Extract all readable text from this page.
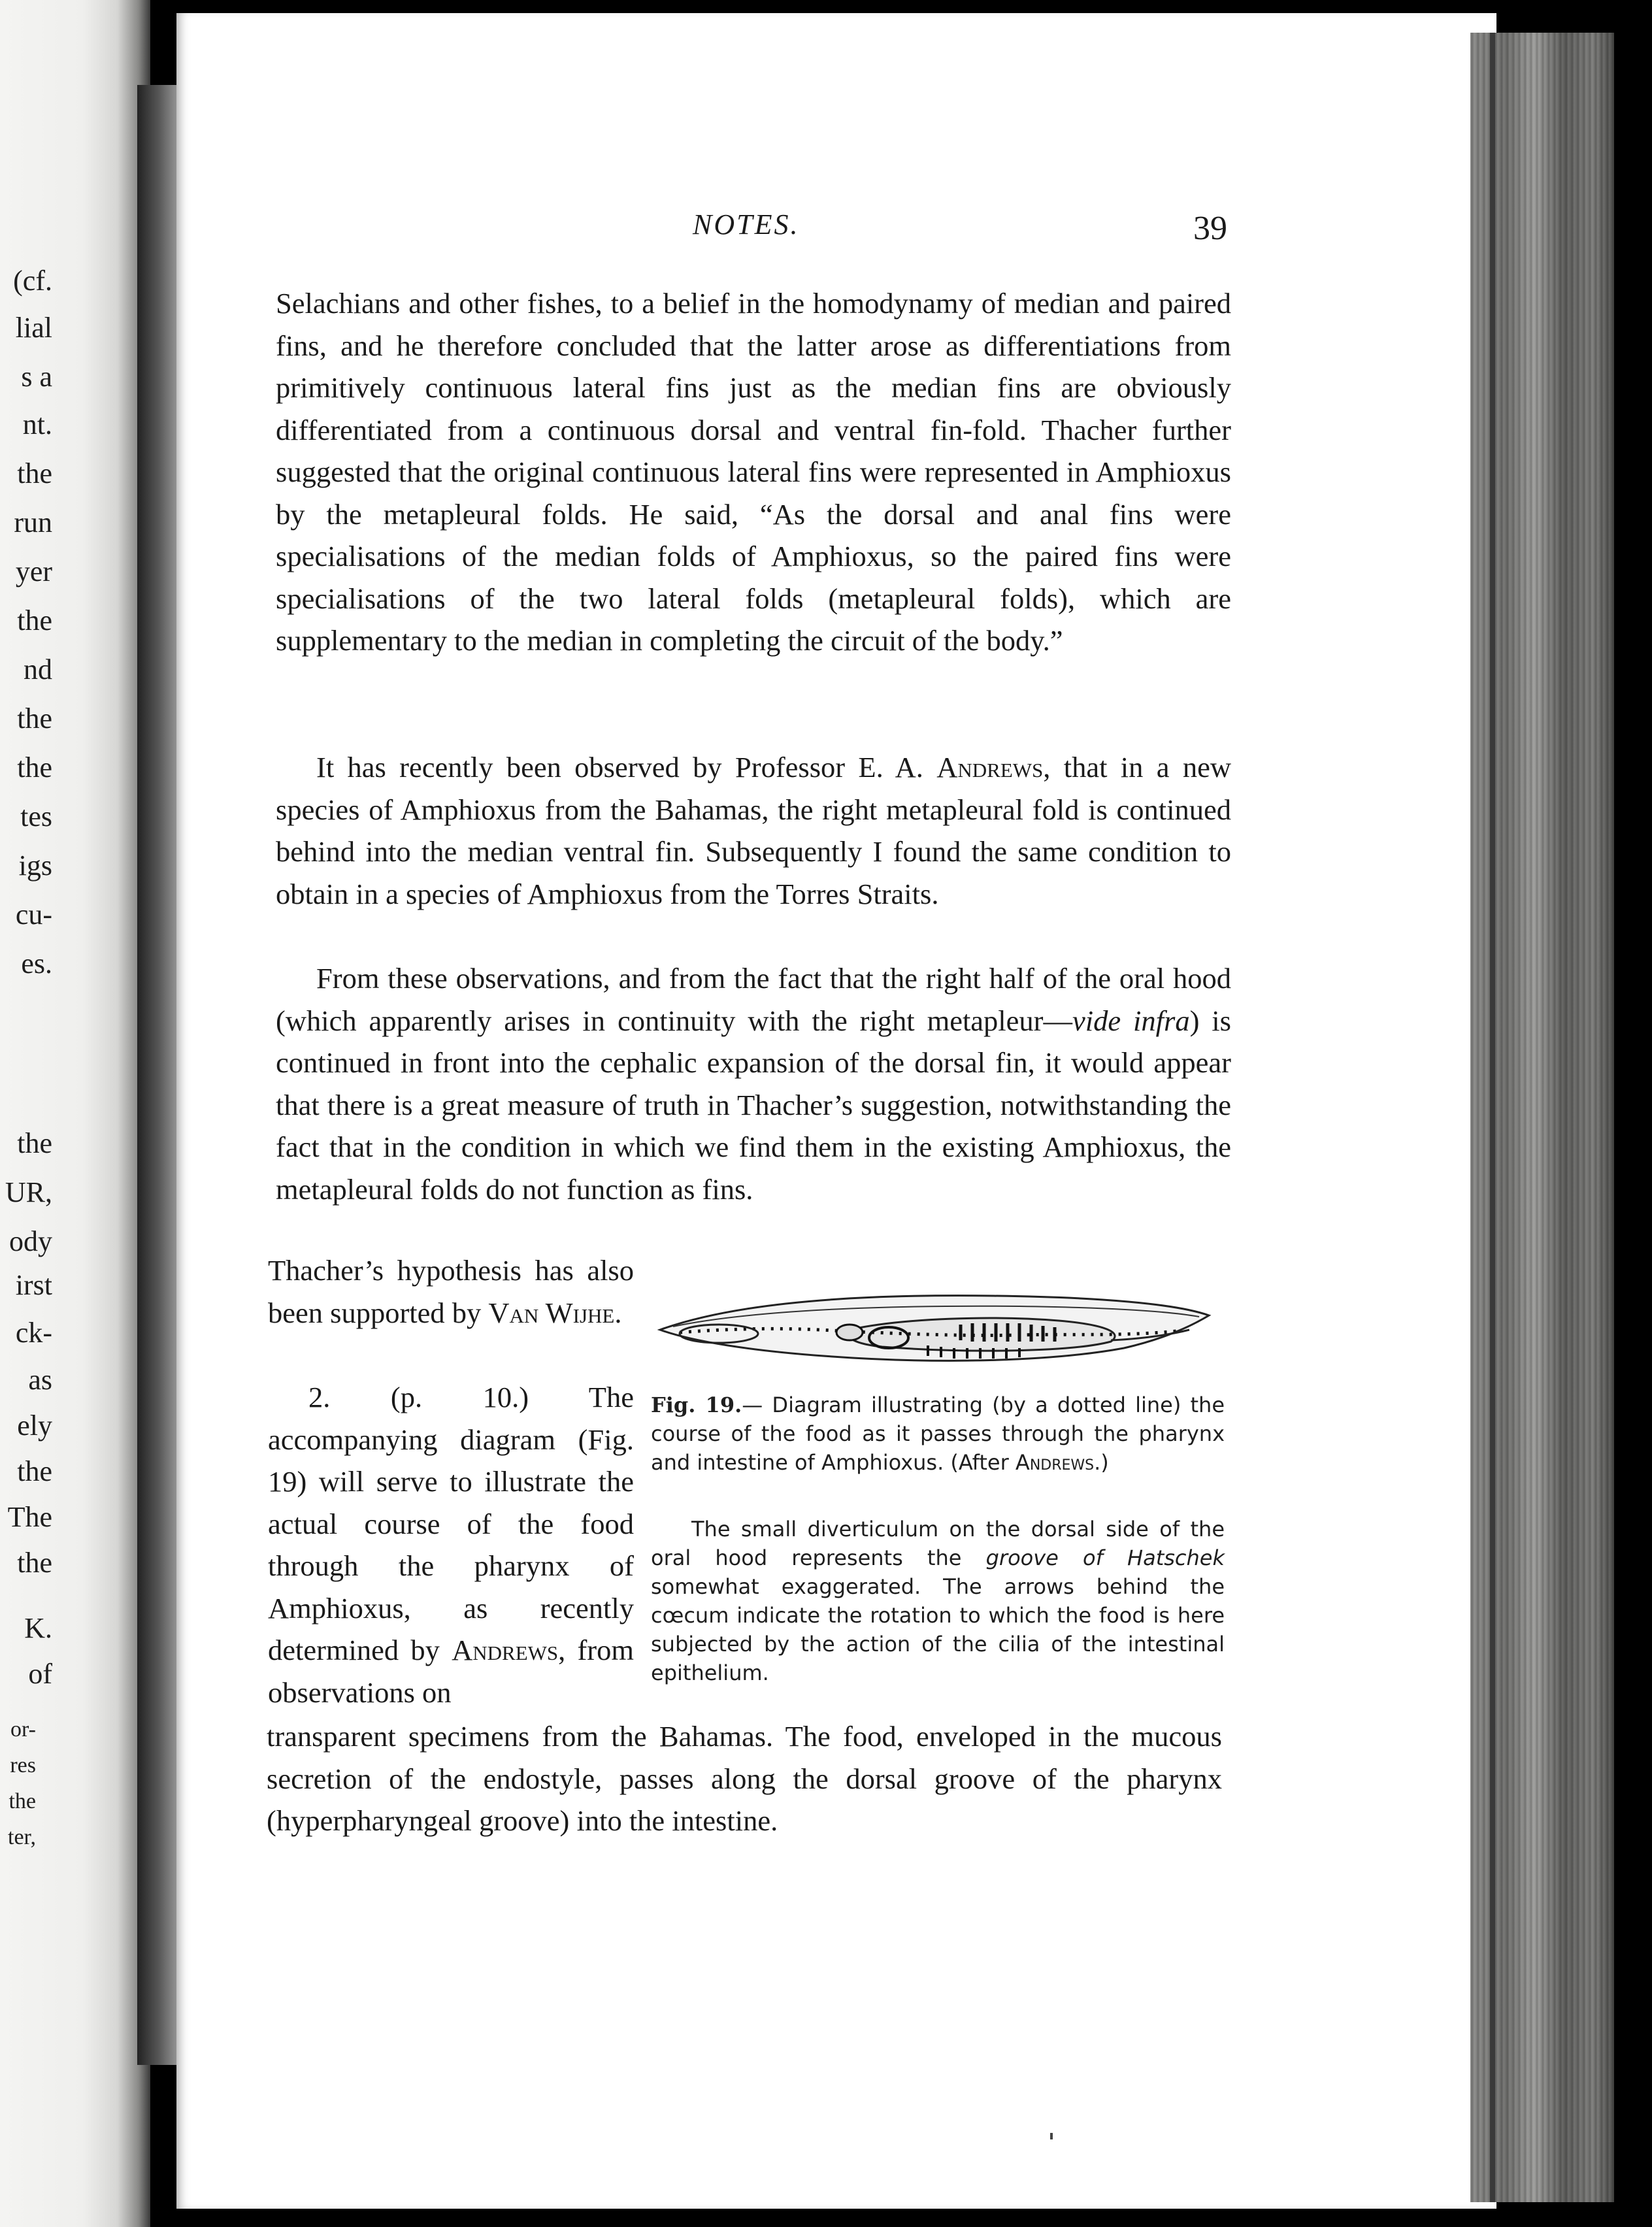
(cf.
lial
s a
nt.
the
run
yer
the
nd
the
the
tes
igs
cu-
es.
the
UR,
ody
irst
ck-
as
ely
the
The
the
K.
of
or-
res
the
ter,
NOTES.	39

Selachians and other fishes, to a belief in the homodynamy of median and paired fins, and he therefore concluded that the latter arose as differentiations from primitively continuous lateral fins just as the median fins are obviously differentiated from a continuous dorsal and ventral fin-fold. Thacher further suggested that the original continuous lateral fins were represented in Amphioxus by the metapleural folds. He said, “As the dorsal and anal fins were specialisations of the median folds of Amphioxus, so the paired fins were specialisations of the two lateral folds (metapleural folds), which are supplementary to the median in completing the circuit of the body.”

It has recently been observed by Professor E. A. Andrews, that in a new species of Amphioxus from the Bahamas, the right metapleural fold is continued behind into the median ventral fin. Subsequently I found the same condition to obtain in a species of Amphioxus from the Torres Straits.

From these observations, and from the fact that the right half of the oral hood (which apparently arises in continuity with the right metapleur—vide infra) is continued in front into the cephalic expansion of the dorsal fin, it would appear that there is a great measure of truth in Thacher’s suggestion, notwithstanding the fact that in the condition in which we find them in the existing Amphioxus, the metapleural folds do not function as fins.

Thacher’s hypothesis has also been supported by Van Wijhe.

2. (p. 10.) The accompanying diagram (Fig. 19) will serve to illustrate the actual course of the food through the pharynx of Amphioxus, as recently determined by Andrews, from observations on

Fig. 19.— Diagram illustrating (by a dotted line) the course of the food as it passes through the pharynx and intestine of Amphioxus. (After Andrews.)

The small diverticulum on the dorsal side of the oral hood represents the groove of Hatschek somewhat exaggerated. The arrows behind the cœcum indicate the rotation to which the food is here subjected by the action of the cilia of the intestinal epithelium.

transparent specimens from the Bahamas. The food, enveloped in the mucous secretion of the endostyle, passes along the dorsal groove of the pharynx (hyperpharyngeal groove) into the intestine.
